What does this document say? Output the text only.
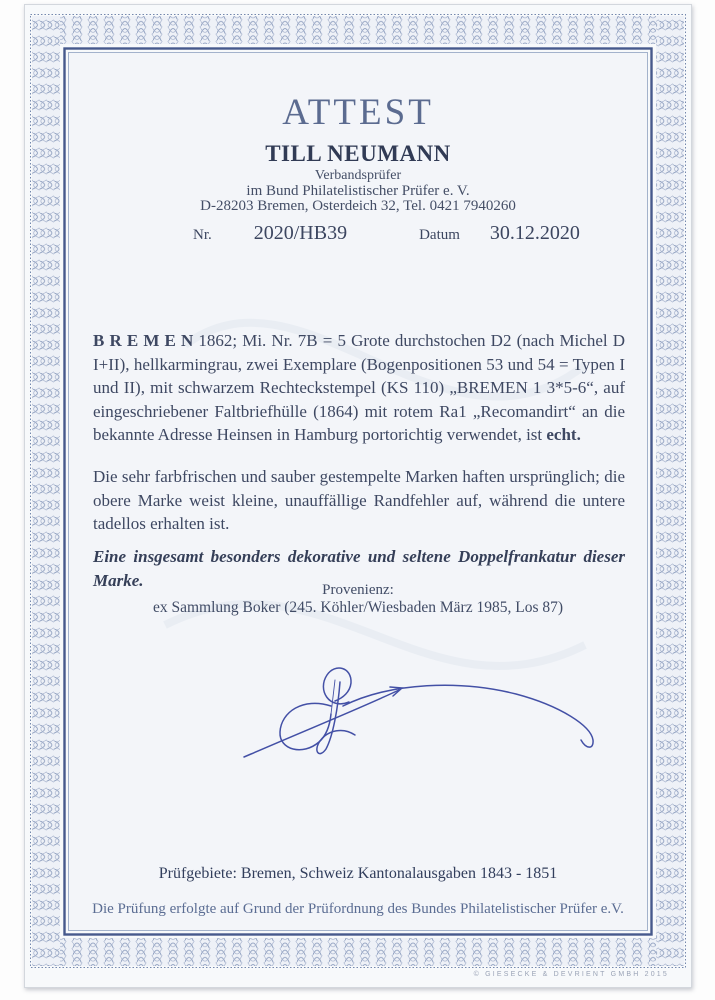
ATTEST
TILL NEUMANN
Verbandsprüfer
im Bund Philatelistischer Prüfer e. V.
D-28203 Bremen, Osterdeich 32, Tel. 0421 7940260
Nr. 2020/HB39	Datum 30.12.2020

B R E M E N 1862; Mi. Nr. 7B = 5 Grote durchstochen D2 (nach Michel D I+II), hellkarmingrau, zwei Exemplare (Bogenpositionen 53 und 54 = Typen I und II), mit schwarzem Rechteckstempel (KS 110) „BREMEN 1 3*5-6“, auf eingeschriebener Faltbriefhülle (1864) mit rotem Ra1 „Recomandirt“ an die bekannte Adresse Heinsen in Hamburg portorichtig verwendet, ist echt.

Die sehr farbfrischen und sauber gestempelte Marken haften ursprünglich; die obere Marke weist kleine, unauffällige Randfehler auf, während die untere tadellos erhalten ist.

Eine insgesamt besonders dekorative und seltene Doppelfrankatur dieser Marke.

Provenienz:
ex Sammlung Boker (245. Köhler/Wiesbaden März 1985, Los 87)
Prüfgebiete: Bremen, Schweiz Kantonalausgaben 1843 - 1851
Die Prüfung erfolgte auf Grund der Prüfordnung des Bundes Philatelistischer Prüfer e.V.
© GIESECKE & DEVRIENT GMBH 2015
